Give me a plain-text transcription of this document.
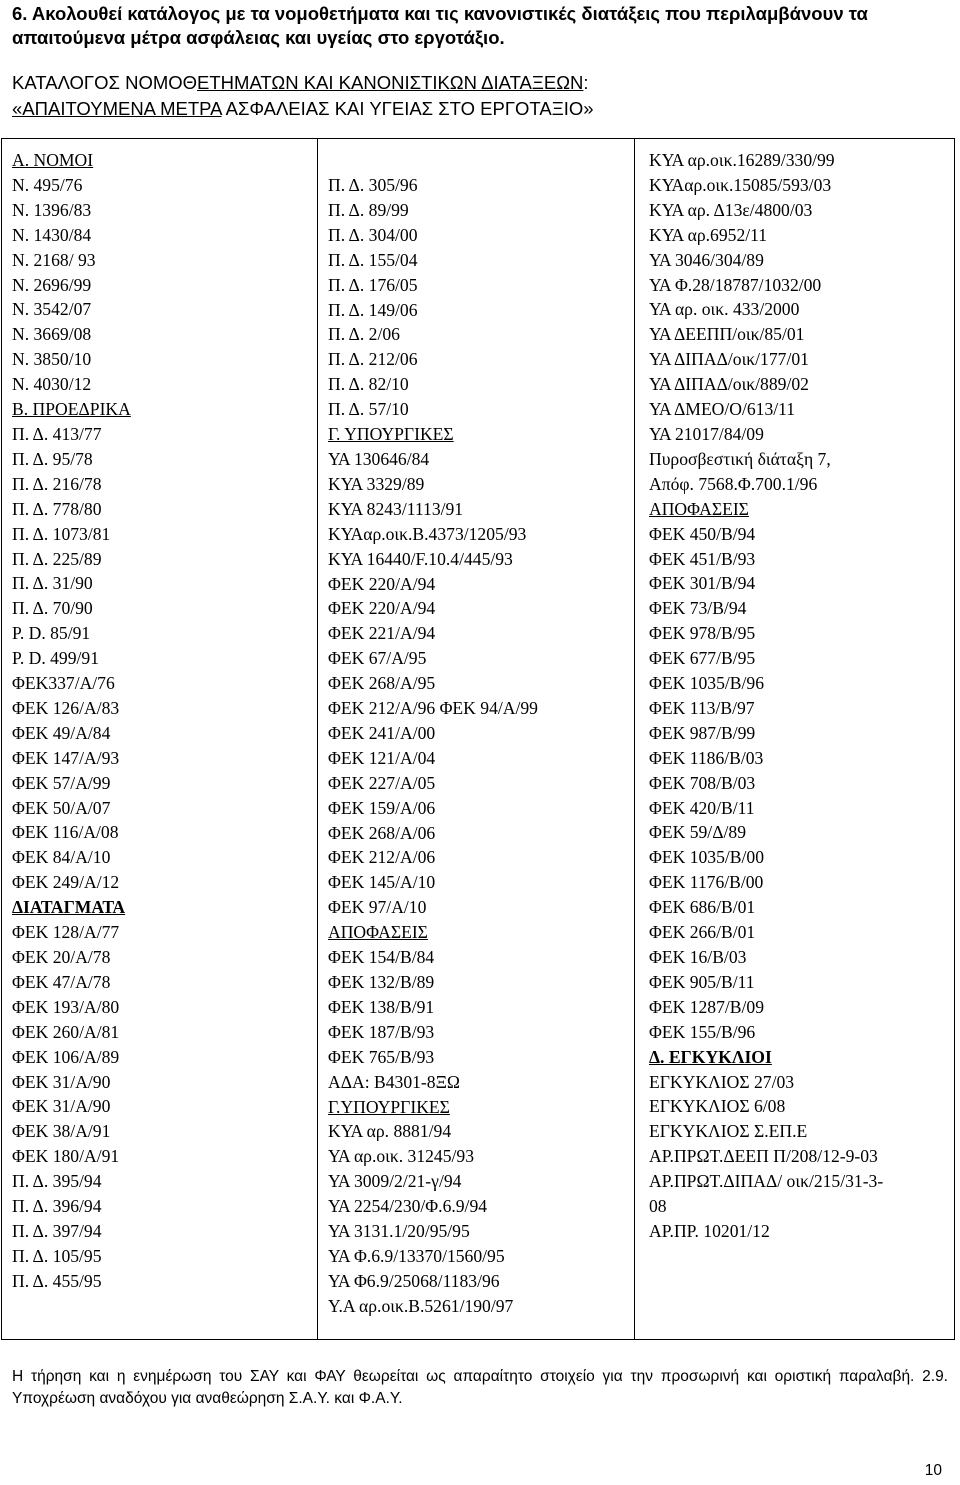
6. Ακολουθεί κατάλογος με τα νομοθετήματα και τις κανονιστικές διατάξεις που περιλαμβάνουν τα απαιτούμενα μέτρα ασφάλειας και υγείας στο εργοτάξιο.
ΚΑΤΑΛΟΓΟΣ ΝΟΜΟΘΕΤΗΜΑΤΩΝ ΚΑΙ ΚΑΝΟΝΙΣΤΙΚΩΝ ΔΙΑΤΑΞΕΩΝ:
«ΑΠΑΙΤΟΥΜΕΝΑ ΜΕΤΡΑ ΑΣΦΑΛΕΙΑΣ ΚΑΙ ΥΓΕΙΑΣ ΣΤΟ ΕΡΓΟΤΑΞΙΟ»
Α. ΝΟΜΟΙ
Ν. 495/76
Ν. 1396/83
Ν. 1430/84
Ν. 2168/ 93
Ν. 2696/99
Ν. 3542/07
Ν. 3669/08
Ν. 3850/10
Ν. 4030/12
Β. ΠΡΟΕΔΡΙΚΑ
Π. Δ. 413/77
Π. Δ. 95/78
Π. Δ. 216/78
Π. Δ. 778/80
Π. Δ. 1073/81
Π. Δ. 225/89
Π. Δ. 31/90
Π. Δ. 70/90
P. D. 85/91
P. D. 499/91
ΦΕΚ337/Α/76
ΦΕΚ 126/Α/83
ΦΕΚ 49/Α/84
ΦΕΚ 147/Α/93
ΦΕΚ 57/Α/99
ΦΕΚ 50/Α/07
ΦΕΚ 116/Α/08
ΦΕΚ 84/Α/10
ΦΕΚ 249/Α/12
ΔΙΑΤΑΓΜΑΤΑ
ΦΕΚ 128/Α/77
ΦΕΚ 20/Α/78
ΦΕΚ 47/Α/78
ΦΕΚ 193/Α/80
ΦΕΚ 260/Α/81
ΦΕΚ 106/Α/89
ΦΕΚ 31/Α/90
ΦΕΚ 31/Α/90
ΦΕΚ 38/Α/91
ΦΕΚ 180/Α/91
Π. Δ. 395/94
Π. Δ. 396/94
Π. Δ. 397/94
Π. Δ. 105/95
Π. Δ. 455/95
Π. Δ. 305/96
Π. Δ. 89/99
Π. Δ. 304/00
Π. Δ. 155/04
Π. Δ. 176/05
Π. Δ. 149/06
Π. Δ. 2/06
Π. Δ. 212/06
Π. Δ. 82/10
Π. Δ. 57/10
Γ. ΥΠΟΥΡΓΙΚΕΣ
ΥΑ 130646/84
ΚΥΑ 3329/89
ΚΥΑ 8243/1113/91
ΚΥΑαρ.οικ.Β.4373/1205/93
ΚΥΑ 16440/F.10.4/445/93
ΦΕΚ 220/Α/94
ΦΕΚ 220/Α/94
ΦΕΚ 221/Α/94
ΦΕΚ 67/Α/95
ΦΕΚ 268/Α/95
ΦΕΚ 212/Α/96 ΦΕΚ 94/Α/99
ΦΕΚ 241/Α/00
ΦΕΚ 121/Α/04
ΦΕΚ 227/Α/05
ΦΕΚ 159/Α/06
ΦΕΚ 268/Α/06
ΦΕΚ 212/Α/06
ΦΕΚ 145/Α/10
ΦΕΚ 97/Α/10
ΑΠΟΦΑΣΕΙΣ
ΦΕΚ 154/Β/84
ΦΕΚ 132/Β/89
ΦΕΚ 138/Β/91
ΦΕΚ 187/Β/93
ΦΕΚ 765/Β/93
ΑΔΑ: Β4301-8ΞΩ
Γ.ΥΠΟΥΡΓΙΚΕΣ
ΚΥΑ αρ. 8881/94
ΥΑ αρ.οικ. 31245/93
ΥΑ 3009/2/21-γ/94
ΥΑ 2254/230/Φ.6.9/94
ΥΑ 3131.1/20/95/95
ΥΑ Φ.6.9/13370/1560/95
ΥΑ Φ6.9/25068/1183/96
Υ.Α αρ.οικ.Β.5261/190/97
ΚΥΑ αρ.οικ.16289/330/99
ΚΥΑαρ.οικ.15085/593/03
ΚΥΑ αρ. Δ13ε/4800/03
ΚΥΑ αρ.6952/11
ΥΑ 3046/304/89
ΥΑ Φ.28/18787/1032/00
ΥΑ αρ. οικ. 433/2000
ΥΑ ΔΕΕΠΠ/οικ/85/01
ΥΑ ΔΙΠΑΔ/οικ/177/01
ΥΑ ΔΙΠΑΔ/οικ/889/02
ΥΑ ΔΜΕΟ/Ο/613/11
ΥΑ 21017/84/09
Πυροσβεστική διάταξη 7,
Απόφ. 7568.Φ.700.1/96
ΑΠΟΦΑΣΕΙΣ
ΦΕΚ 450/Β/94
ΦΕΚ 451/Β/93
ΦΕΚ 301/Β/94
ΦΕΚ 73/Β/94
ΦΕΚ 978/Β/95
ΦΕΚ 677/Β/95
ΦΕΚ 1035/Β/96
ΦΕΚ 113/Β/97
ΦΕΚ 987/Β/99
ΦΕΚ 1186/Β/03
ΦΕΚ 708/Β/03
ΦΕΚ 420/Β/11
ΦΕΚ 59/Δ/89
ΦΕΚ 1035/Β/00
ΦΕΚ 1176/Β/00
ΦΕΚ 686/Β/01
ΦΕΚ 266/Β/01
ΦΕΚ 16/Β/03
ΦΕΚ 905/Β/11
ΦΕΚ 1287/Β/09
ΦΕΚ 155/Β/96
Δ. ΕΓΚΥΚΛΙΟΙ
ΕΓΚΥΚΛΙΟΣ 27/03
ΕΓΚΥΚΛΙΟΣ 6/08
ΕΓΚΥΚΛΙΟΣ Σ.ΕΠ.Ε
ΑΡ.ΠΡΩΤ.ΔΕΕΠ Π/208/12-9-03
ΑΡ.ΠΡΩΤ.ΔΙΠΑΔ/ οικ/215/31-3-
08
ΑΡ.ΠΡ. 10201/12
Η τήρηση και η ενημέρωση του ΣΑΥ και ΦΑΥ θεωρείται ως απαραίτητο στοιχείο για την προσωρινή και οριστική παραλαβή. 2.9. Υποχρέωση αναδόχου για αναθεώρηση Σ.Α.Υ. και Φ.Α.Υ.
10
